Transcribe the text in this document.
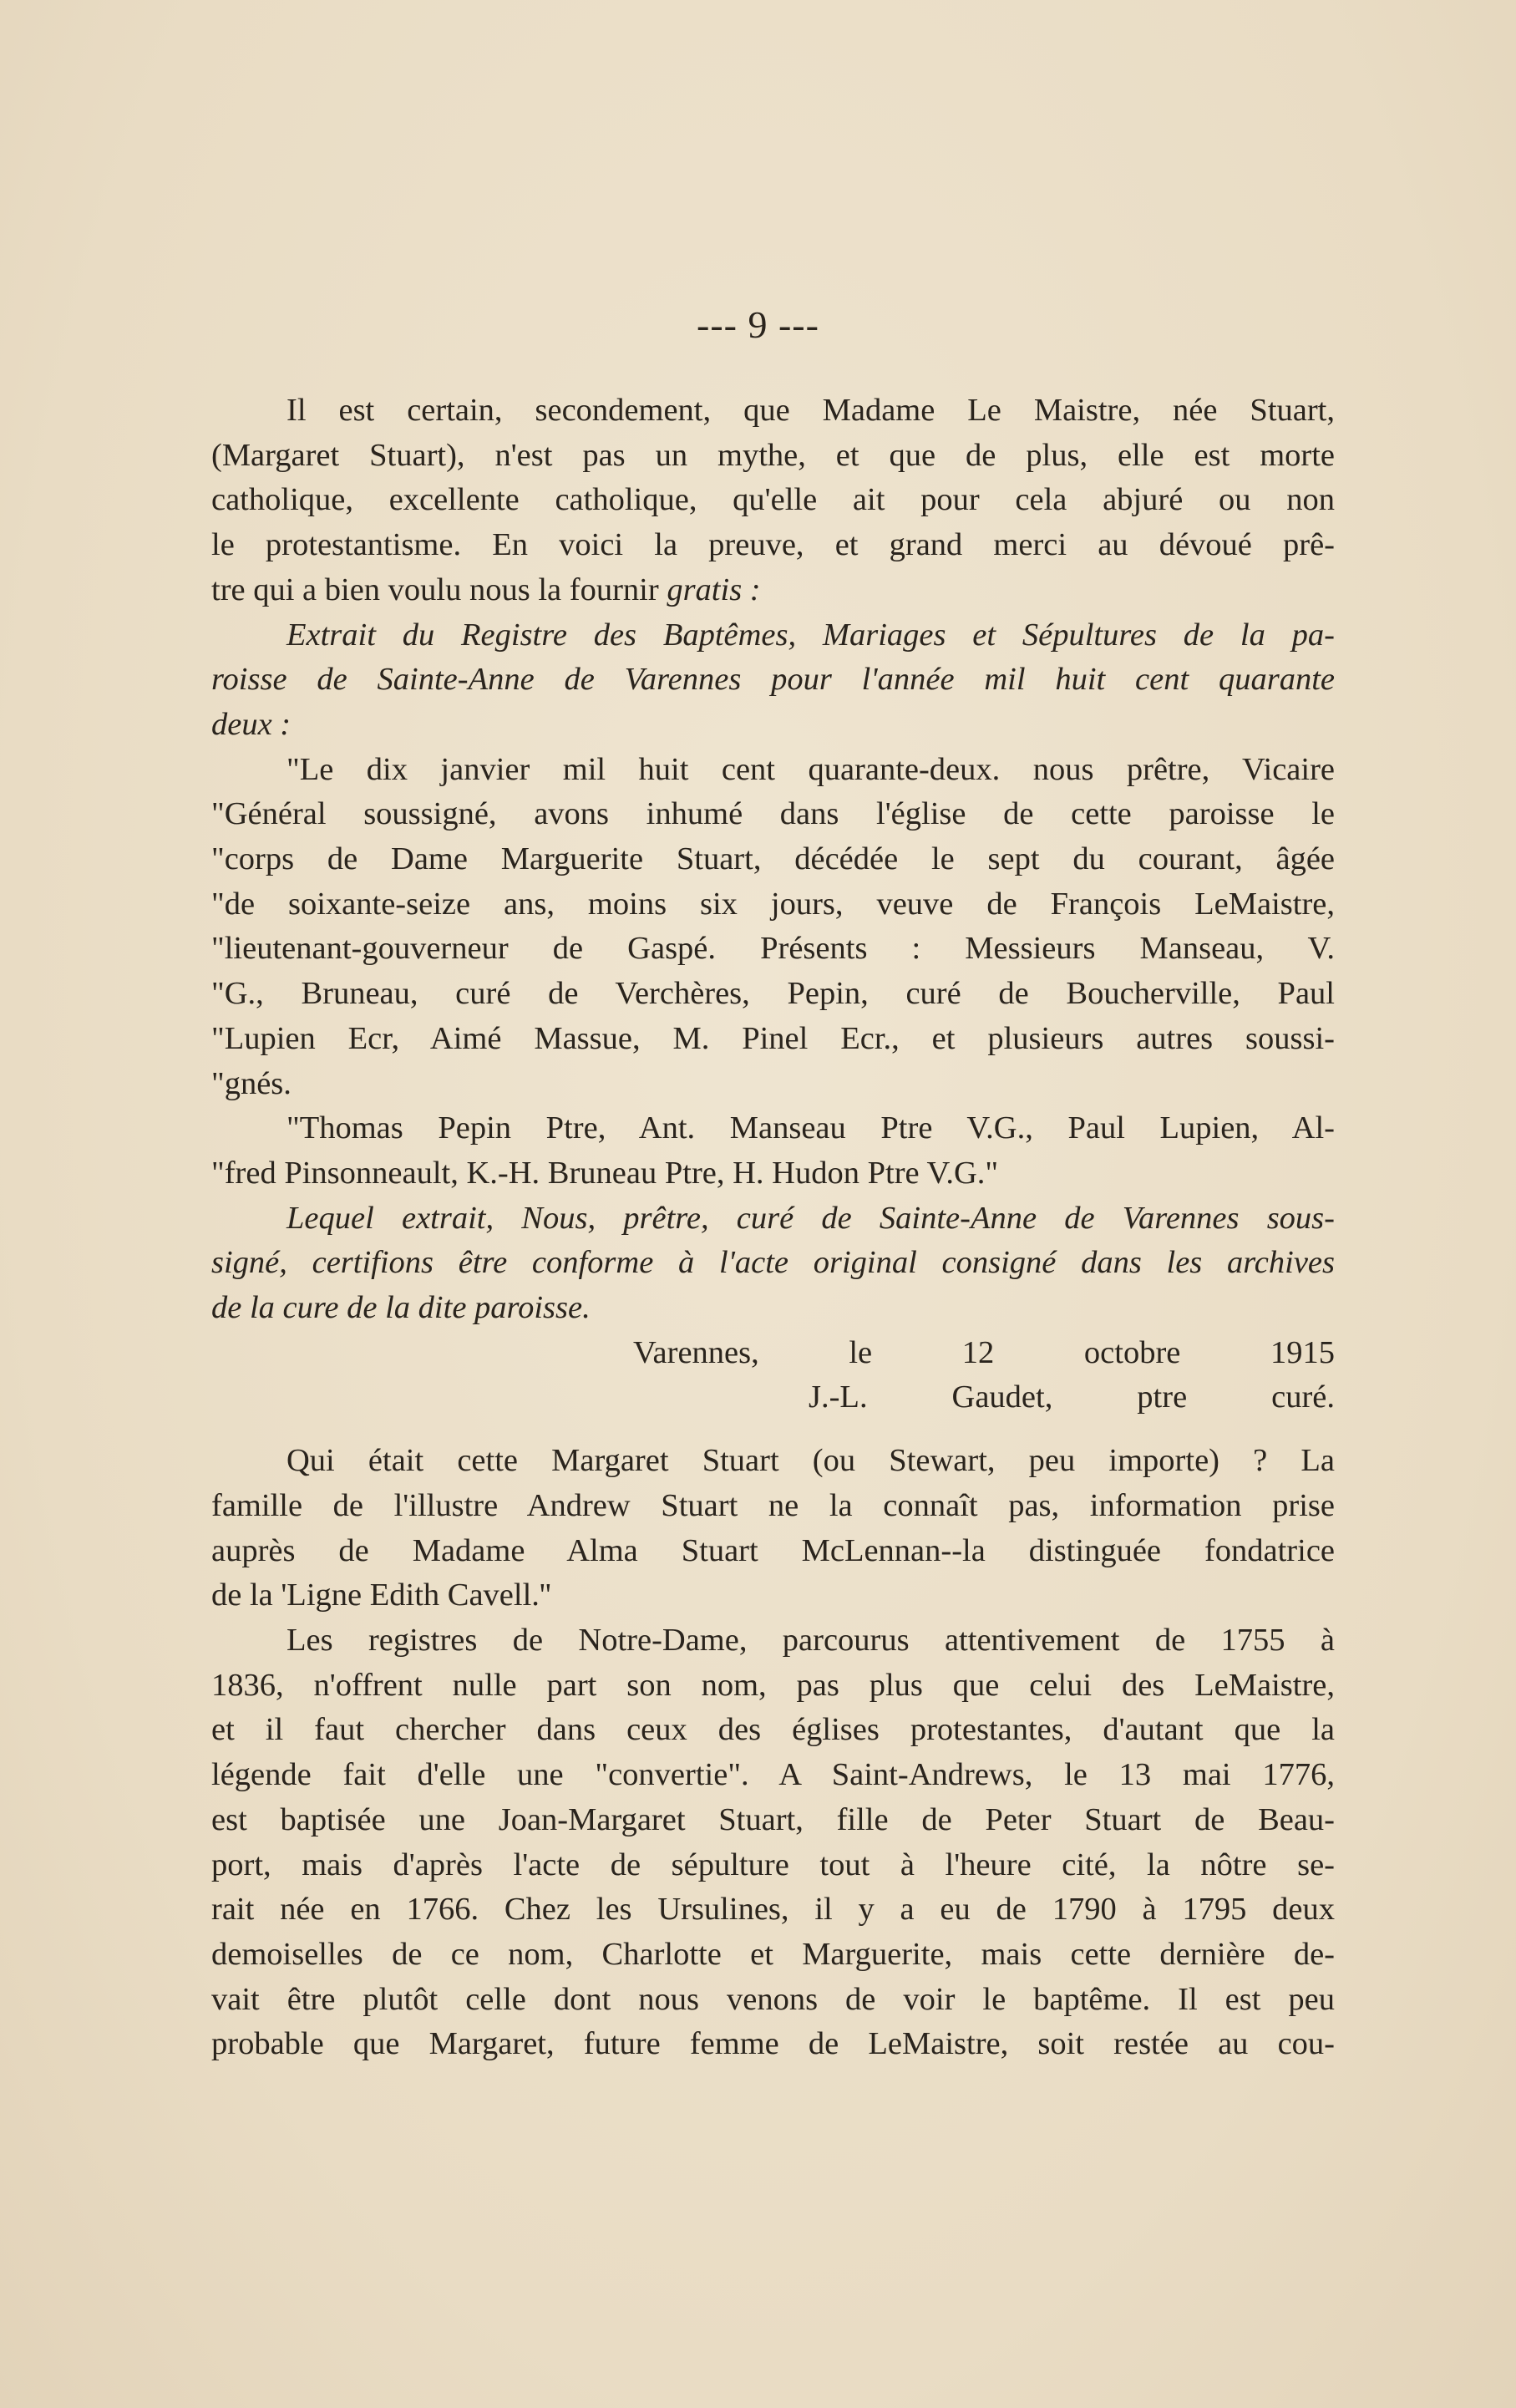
--- 9 ---

Il est certain, secondement, que Madame Le Maistre, née Stuart,

(Margaret Stuart), n'est pas un mythe, et que de plus, elle est morte

catholique, excellente catholique, qu'elle ait pour cela abjuré ou non

le protestantisme. En voici la preuve, et grand merci au dévoué prê-

tre qui a bien voulu nous la fournir gratis :

Extrait du Registre des Baptêmes, Mariages et Sépultures de la pa-

roisse de Sainte-Anne de Varennes pour l'année mil huit cent quarante

deux :

"Le dix janvier mil huit cent quarante-deux. nous prêtre, Vicaire

"Général soussigné, avons inhumé dans l'église de cette paroisse le

"corps de Dame Marguerite Stuart, décédée le sept du courant, âgée

"de soixante-seize ans, moins six jours, veuve de François LeMaistre,

"lieutenant-gouverneur de Gaspé. Présents : Messieurs Manseau, V.

"G., Bruneau, curé de Verchères, Pepin, curé de Boucherville, Paul

"Lupien Ecr, Aimé Massue, M. Pinel Ecr., et plusieurs autres soussi-

"gnés.

"Thomas Pepin Ptre, Ant. Manseau Ptre V.G., Paul Lupien, Al-

"fred Pinsonneault, K.-H. Bruneau Ptre, H. Hudon Ptre V.G."

Lequel extrait, Nous, prêtre, curé de Sainte-Anne de Varennes sous-

signé, certifions être conforme à l'acte original consigné dans les archives

de la cure de la dite paroisse.

Varennes, le 12 octobre 1915

J.-L. Gaudet, ptre curé.

Qui était cette Margaret Stuart (ou Stewart, peu importe) ? La

famille de l'illustre Andrew Stuart ne la connaît pas, information prise

auprès de Madame Alma Stuart McLennan--la distinguée fondatrice

de la 'Ligne Edith Cavell.''

Les registres de Notre-Dame, parcourus attentivement de 1755 à

1836, n'offrent nulle part son nom, pas plus que celui des LeMaistre,

et il faut chercher dans ceux des églises protestantes, d'autant que la

légende fait d'elle une "convertie". A Saint-Andrews, le 13 mai 1776,

est baptisée une Joan-Margaret Stuart, fille de Peter Stuart de Beau-

port, mais d'après l'acte de sépulture tout à l'heure cité, la nôtre se-

rait née en 1766. Chez les Ursulines, il y a eu de 1790 à 1795 deux

demoiselles de ce nom, Charlotte et Marguerite, mais cette dernière de-

vait être plutôt celle dont nous venons de voir le baptême. Il est peu

probable que Margaret, future femme de LeMaistre, soit restée au cou-
